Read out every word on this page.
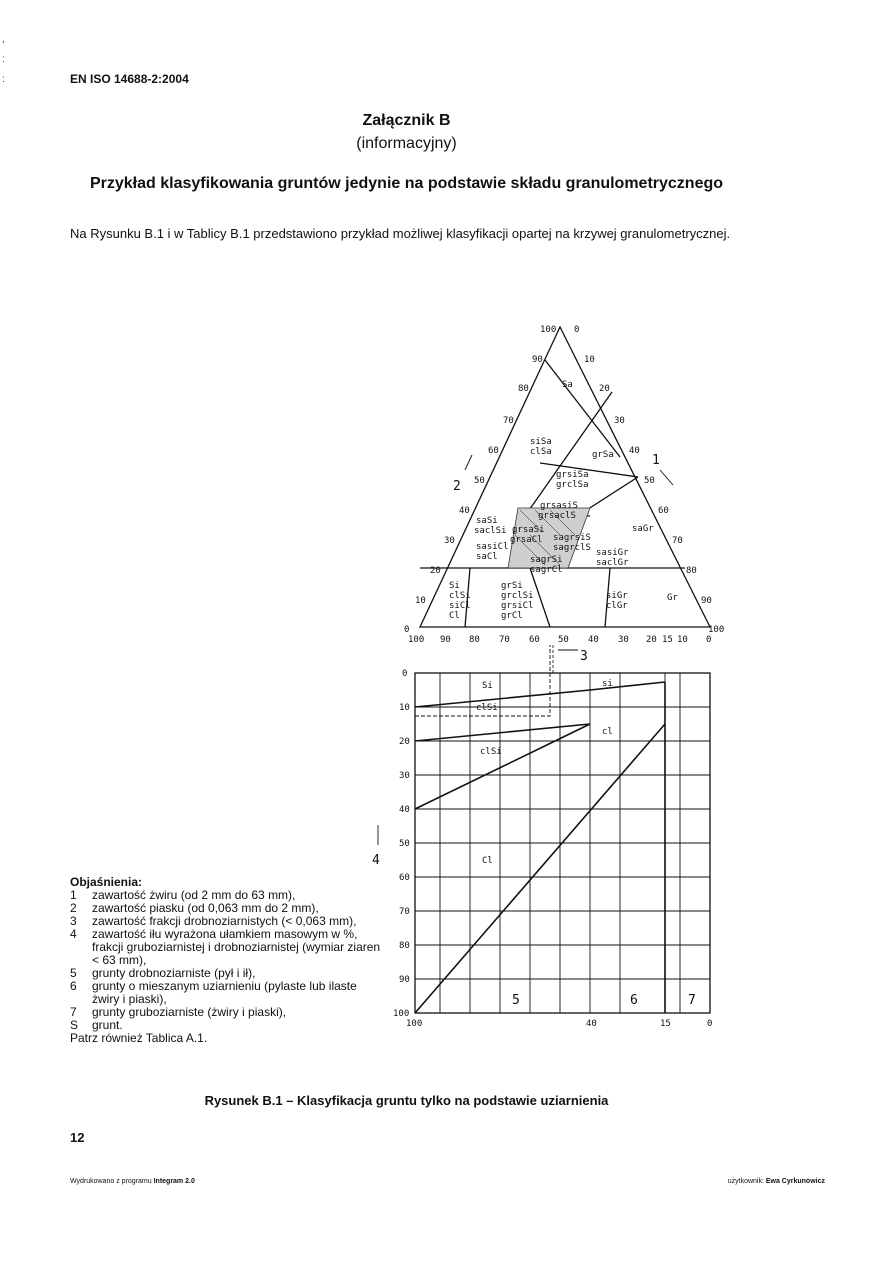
,
:
:	EN ISO 14688-2:2004
Załącznik B
(informacyjny)
Przykład klasyfikowania gruntów jedynie na podstawie składu granulometrycznego
Na Rysunku B.1 i w Tablicy B.1 przedstawiono przykład możliwej klasyfikacji opartej na krzywej granulometrycznej.
100
90
80
70
60
50
40
30
20
10
0
0
10
20
30
40
50
60
70
80
90
100
100 90 80 70 60 50 40 30 20 15 10 0
Sa
siSa
clSa	grSa
grsiSa
grclSa
saSi
saclSi
sasiCl
saCl
grsasiS
grsaclS
grsaSi
grsaCl sagrsiS
sagrclS
sagrSi
sagrCl
saGr
sasiGr
saclGr
Si
clSi
siCl
Cl
grSi
grclSi
grsiCl
grCl
siGr
clGr
Gr
1
2
3
0
10
20
30
40
50
60
70
80
90
100
100	40	15	0
Si	si
clSi
cl
clSi
Cl
4
5	6	7
Objaśnienia:
1	zawartość żwiru (od 2 mm do 63 mm),
2	zawartość piasku (od 0,063 mm do 2 mm),
3	zawartość frakcji drobnoziarnistych (< 0,063 mm),
4	zawartość iłu wyrażona ułamkiem masowym w %, frakcji gruboziarnistej i drobnoziarnistej (wymiar ziaren < 63 mm),
5	grunty drobnoziarniste (pył i ił),
6	grunty o mieszanym uziarnieniu (pylaste lub ilaste żwiry i piaski),
7	grunty gruboziarniste (żwiry i piaski),
S	grunt.
Patrz również Tablica A.1.
Rysunek B.1 – Klasyfikacja gruntu tylko na podstawie uziarnienia
12
Wydrukowano z programu Integram 2.0	użytkownik: Ewa Cyrkunowicz
